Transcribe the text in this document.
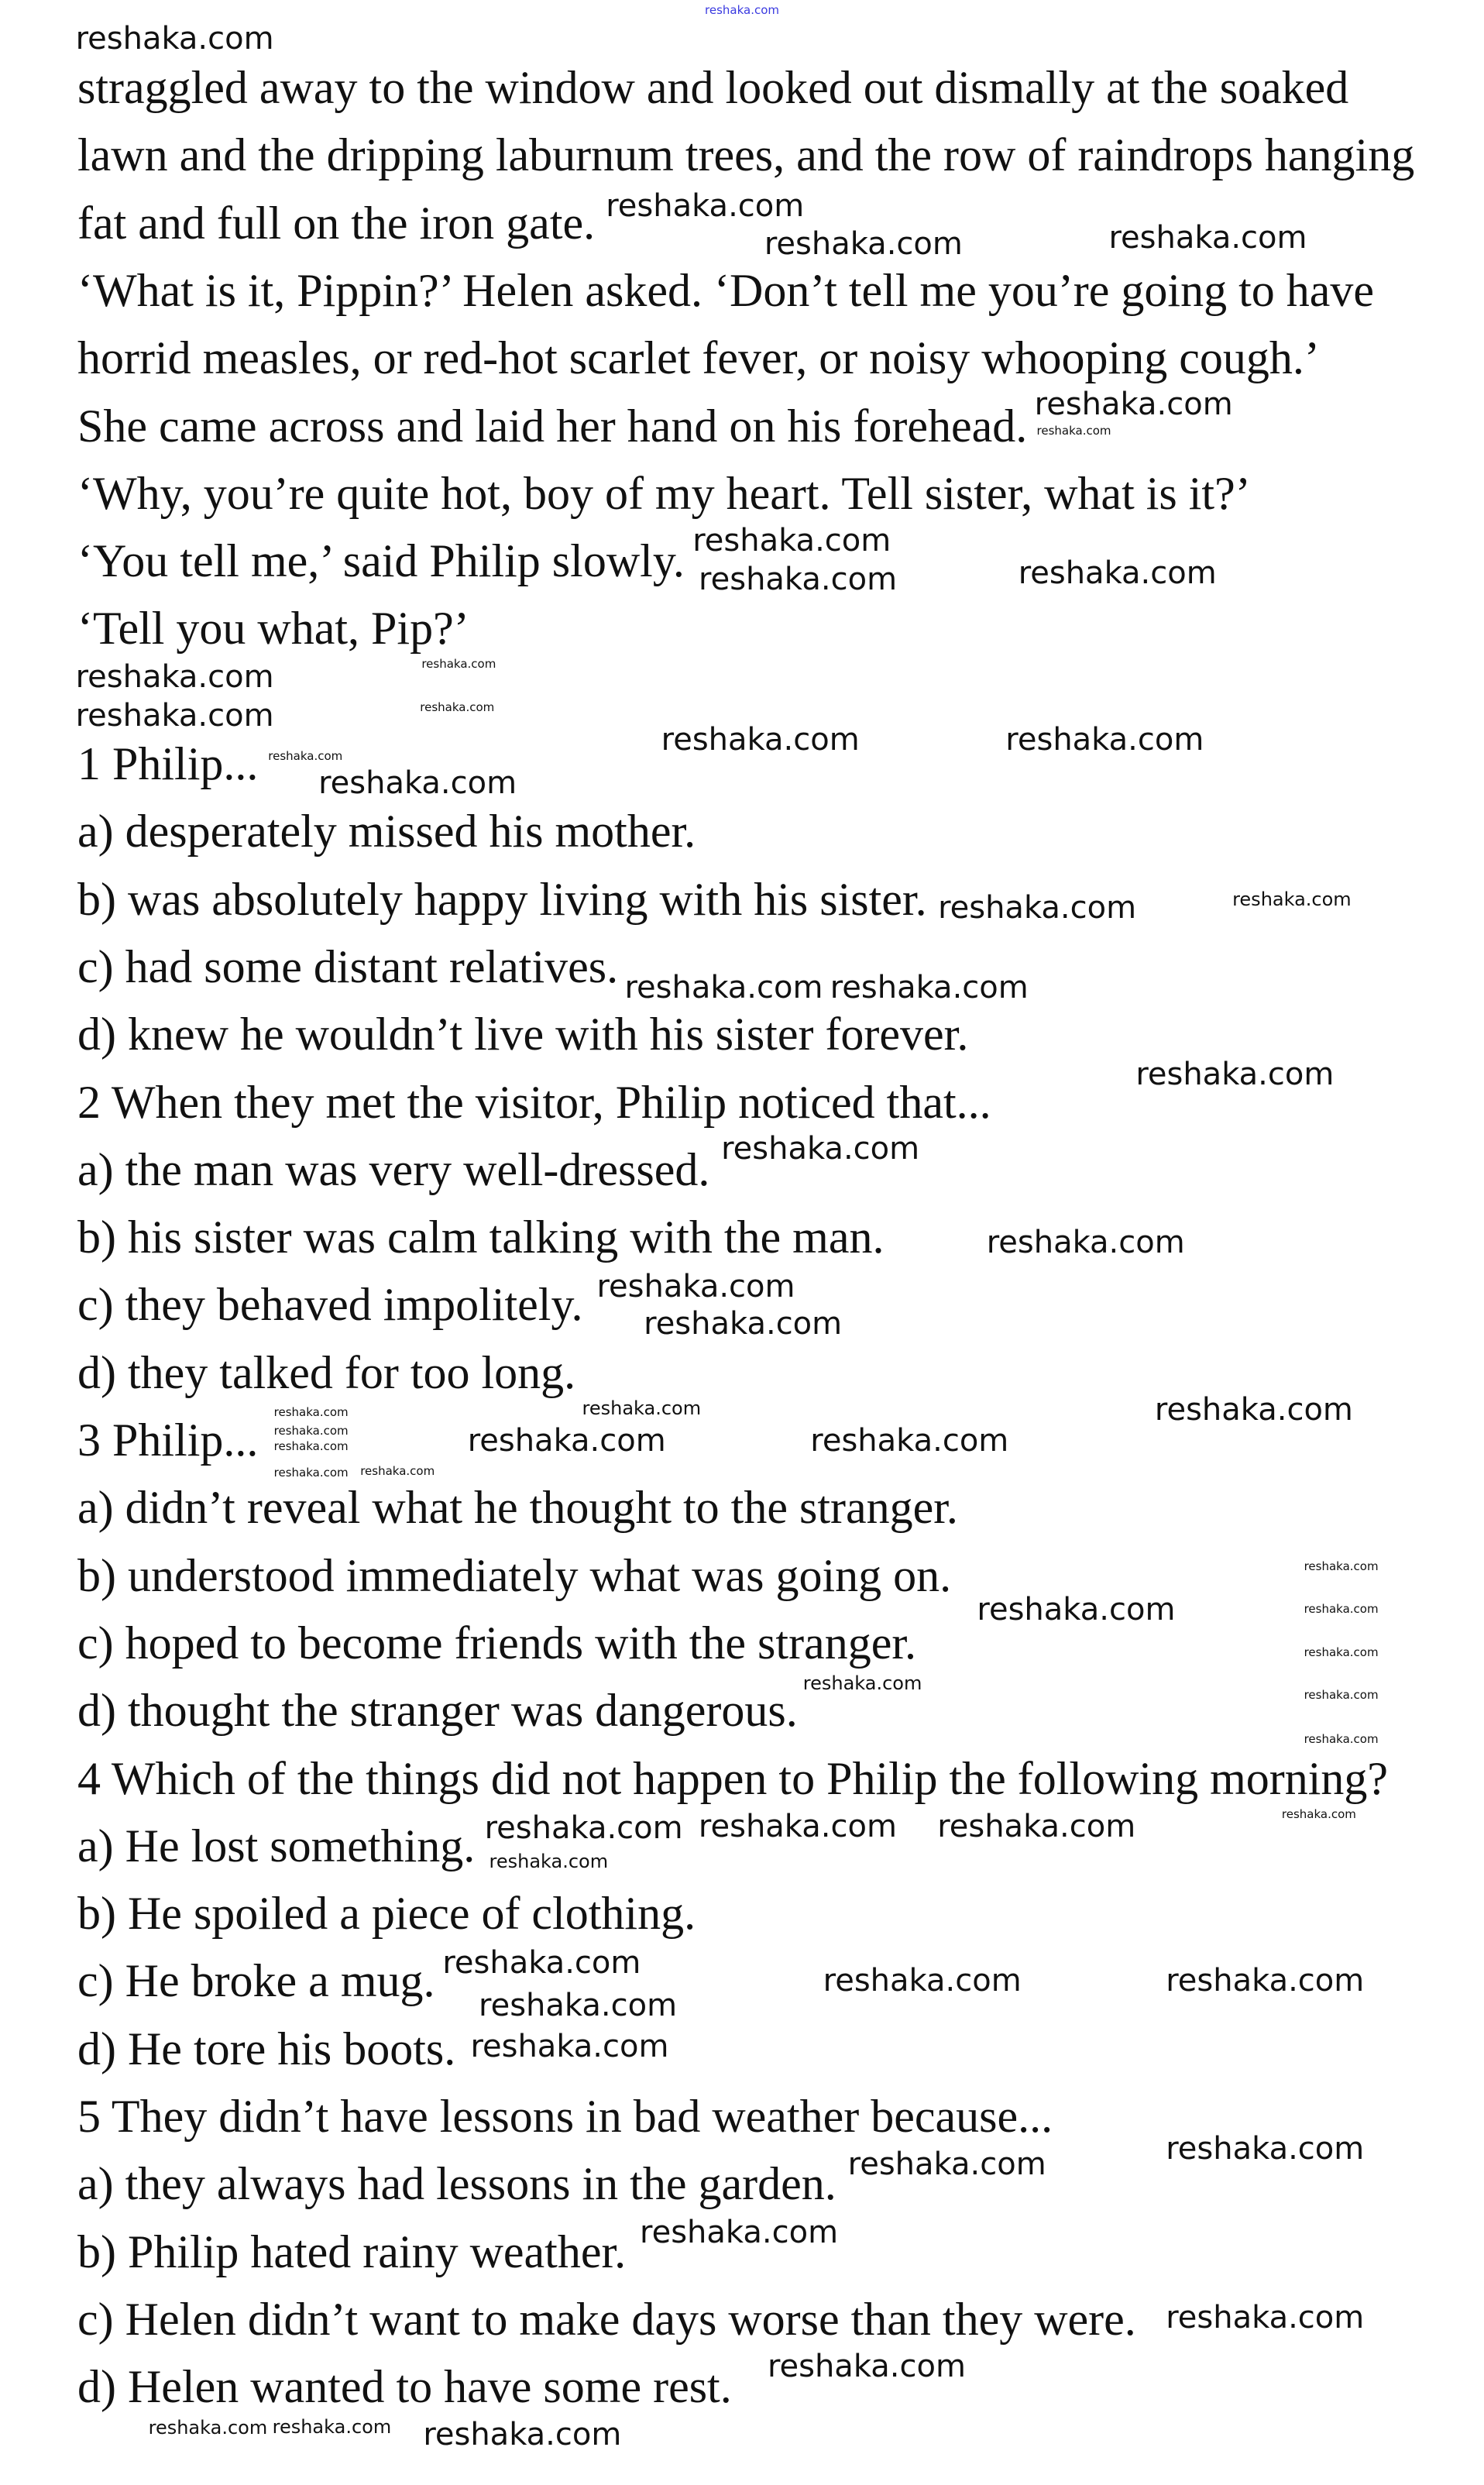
reshaka.com
straggled away to the window and looked out dismally at the soaked
lawn and the dripping laburnum trees, and the row of raindrops hanging
fat and full on the iron gate.
‘What is it, Pippin?’ Helen asked. ‘Don’t tell me you’re going to have
horrid measles, or red-hot scarlet fever, or noisy whooping cough.’
She came across and laid her hand on his forehead.
‘Why, you’re quite hot, boy of my heart. Tell sister, what is it?’
‘You tell me,’ said Philip slowly.
‘Tell you what, Pip?’
1 Philip...
a) desperately missed his mother.
b) was absolutely happy living with his sister.
c) had some distant relatives.
d) knew he wouldn’t live with his sister forever.
2 When they met the visitor, Philip noticed that...
a) the man was very well-dressed.
b) his sister was calm talking with the man.
c) they behaved impolitely.
d) they talked for too long.
3 Philip...
a) didn’t reveal what he thought to the stranger.
b) understood immediately what was going on.
c) hoped to become friends with the stranger.
d) thought the stranger was dangerous.
4 Which of the things did not happen to Philip the following morning?
a) He lost something.
b) He spoiled a piece of clothing.
c) He broke a mug.
d) He tore his boots.
5 They didn’t have lessons in bad weather because...
a) they always had lessons in the garden.
b) Philip hated rainy weather.
c) Helen didn’t want to make days worse than they were.
d) Helen wanted to have some rest.
reshaka.com
reshaka.com	reshaka.com
reshaka.com
reshaka.com
reshaka.com
reshaka.com
reshaka.com	reshaka.com
reshaka.com
reshaka.com	reshaka.com
reshaka.com
reshaka.com
reshaka.com
reshaka.com
reshaka.com
reshaka.com
reshaka.com
reshaka.com
reshaka.com
reshaka.com
reshaka.com	reshaka.com
reshaka.com
reshaka.com
reshaka.com
reshaka.com reshaka.com
reshaka.com
reshaka.com	reshaka.com
reshaka.com
reshaka.com
reshaka.com	reshaka.com
reshaka.com
reshaka.com
reshaka.com
reshaka.com
reshaka.com
reshaka.com
reshaka.com
reshaka.com
reshaka.com
reshaka.com
reshaka.com
reshaka.com reshaka.com
reshaka.com
reshaka.com
reshaka.com
reshaka.com
reshaka.com
reshaka.com
reshaka.com
reshaka.com
reshaka.com
reshaka.com reshaka.com
